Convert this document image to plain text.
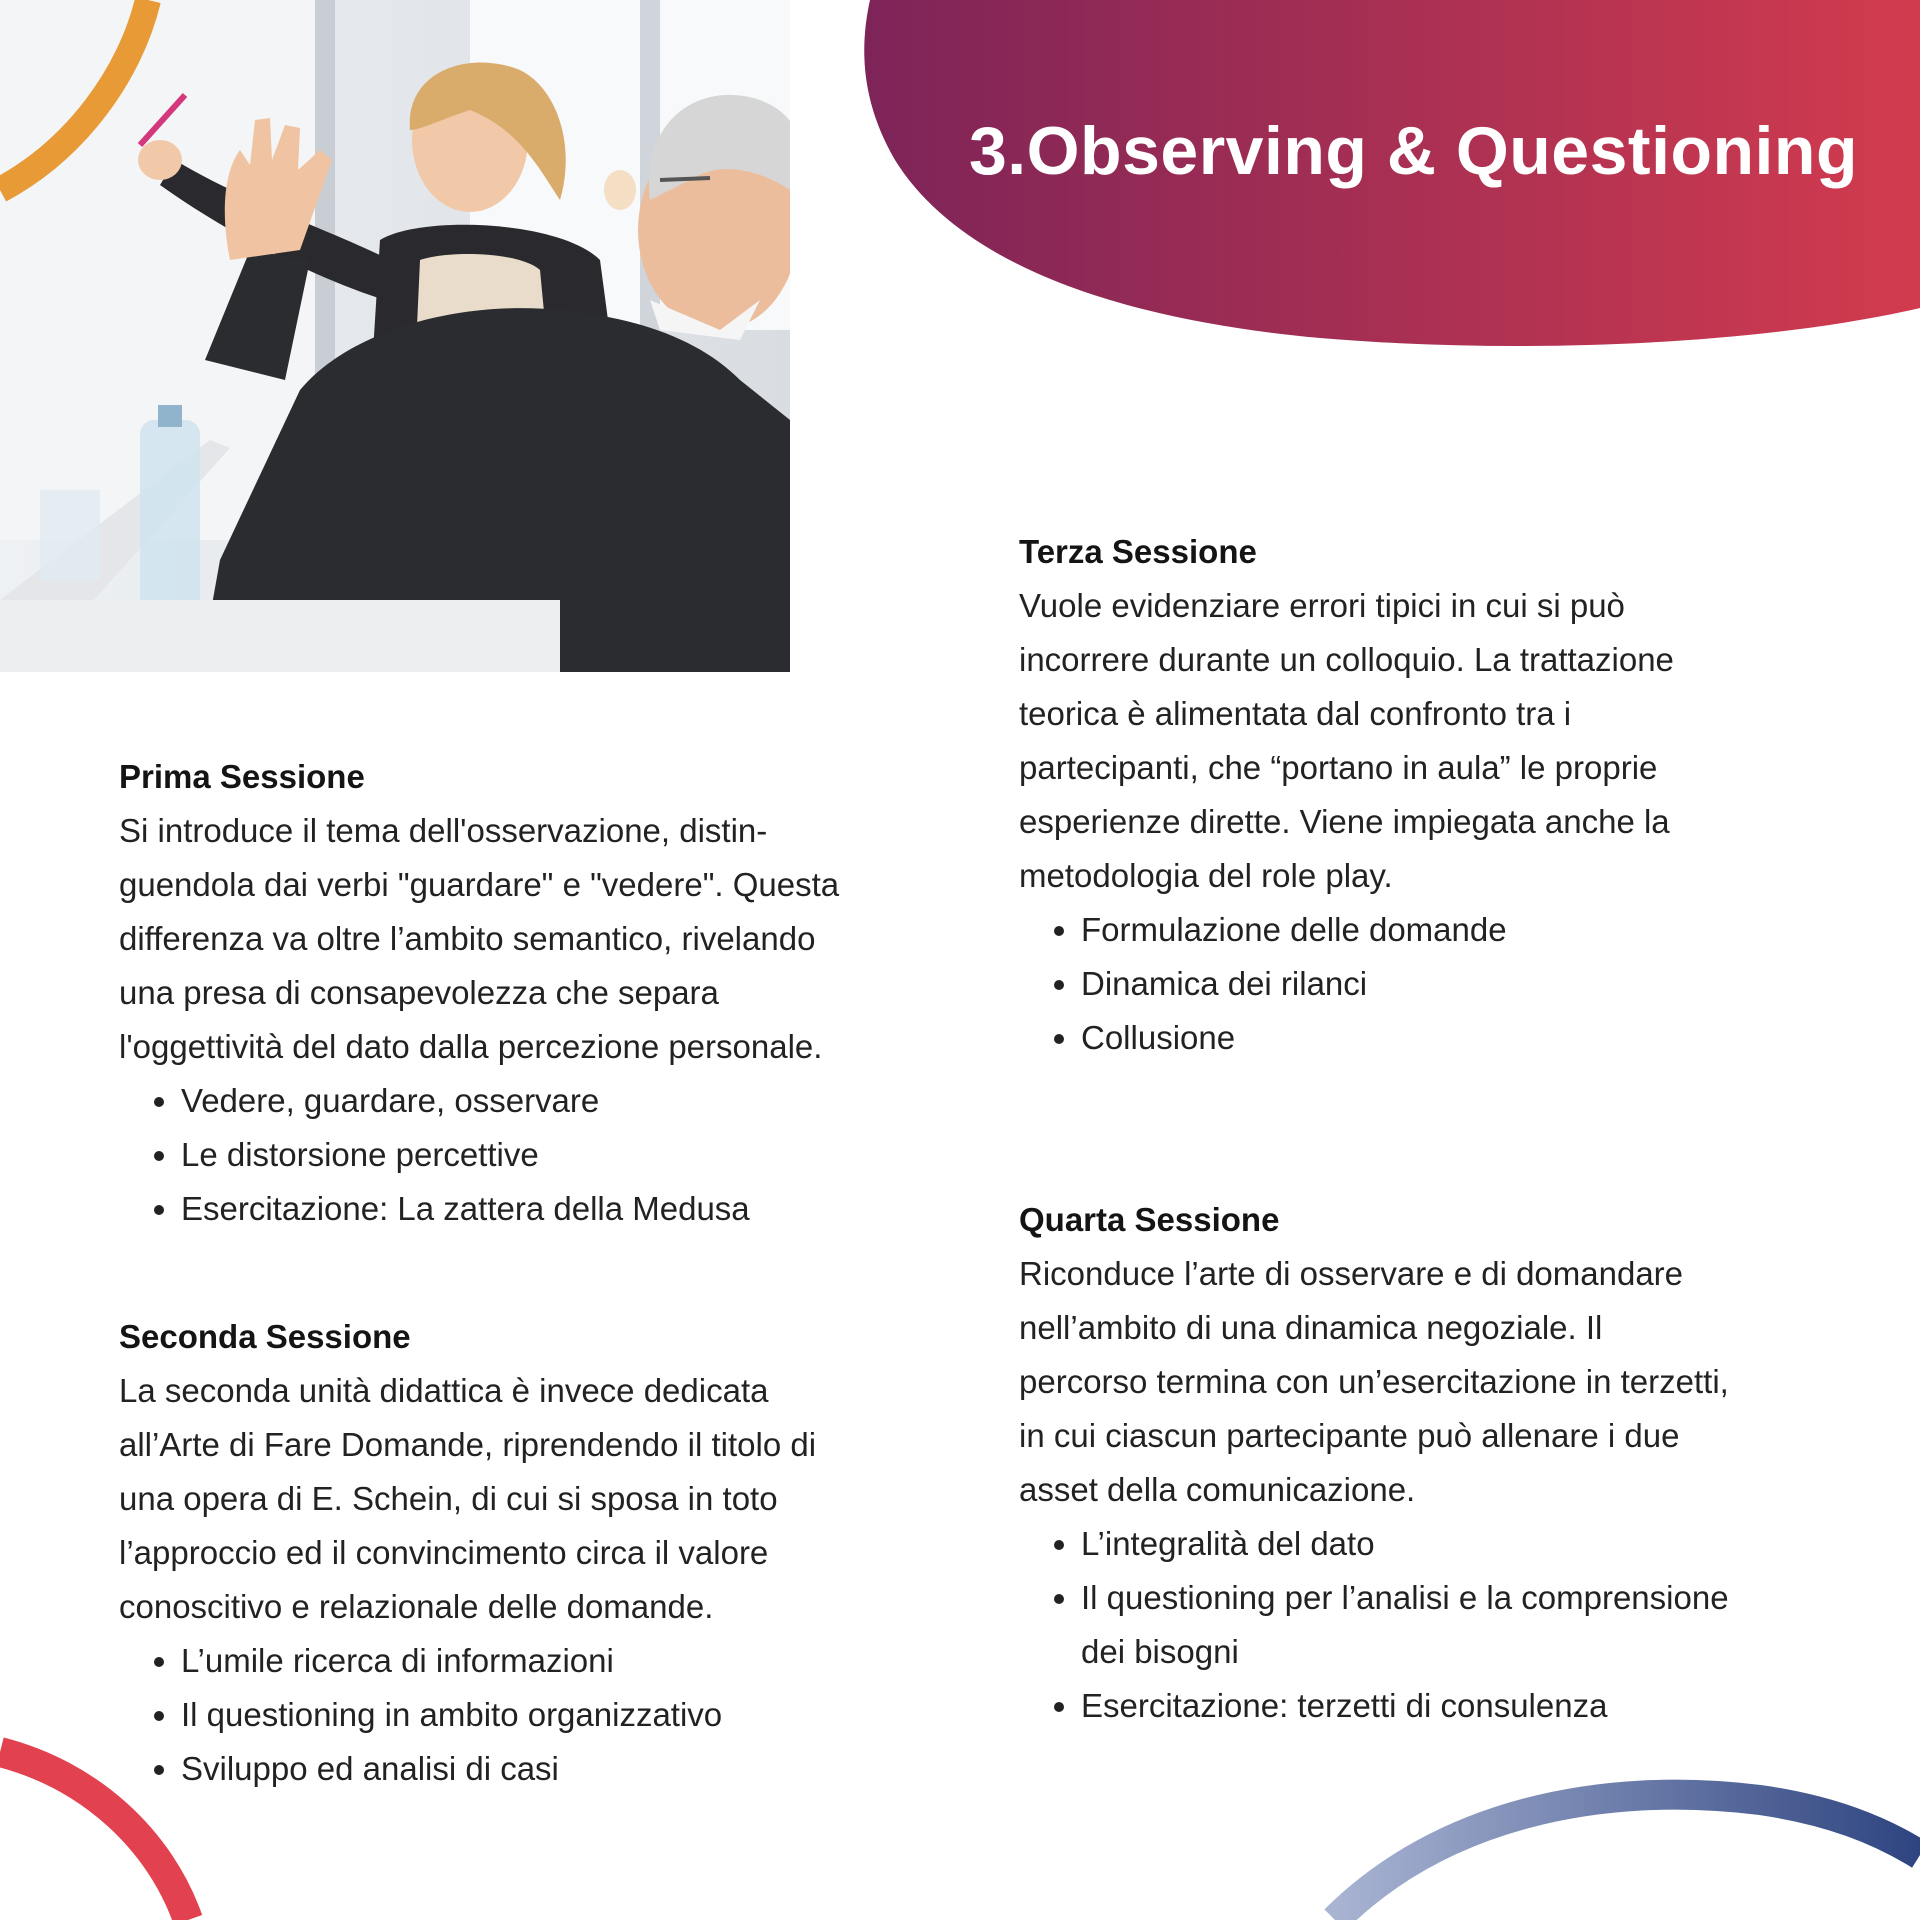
3.Observing & Questioning
Prima Sessione

Si introduce il tema dell'osservazione, distin-
guendola dai verbi "guardare" e "vedere". Questa
differenza va oltre l’ambito semantico, rivelando
una presa di consapevolezza che separa
l'oggettività del dato dalla percezione personale.

• Vedere, guardare, osservare
• Le distorsione percettive
• Esercitazione: La zattera della Medusa
Seconda Sessione

La seconda unità didattica è invece dedicata
all’Arte di Fare Domande, riprendendo il titolo di
una opera di E. Schein, di cui si sposa in toto
l’approccio ed il convincimento circa il valore
conoscitivo e relazionale delle domande.

• L’umile ricerca di informazioni
• Il questioning in ambito organizzativo
• Sviluppo ed analisi di casi
Terza Sessione

Vuole evidenziare errori tipici in cui si può
incorrere durante un colloquio. La trattazione
teorica è alimentata dal confronto tra i
partecipanti, che “portano in aula” le proprie
esperienze dirette. Viene impiegata anche la
metodologia del role play.

• Formulazione delle domande
• Dinamica dei rilanci
• Collusione
Quarta Sessione

Riconduce l’arte di osservare e di domandare
nell’ambito di una dinamica negoziale. Il
percorso termina con un’esercitazione in terzetti,
in cui ciascun partecipante può allenare i due
asset della comunicazione.

• L’integralità del dato
• Il questioning per l’analisi e la comprensione dei bisogni
• Esercitazione: terzetti di consulenza
